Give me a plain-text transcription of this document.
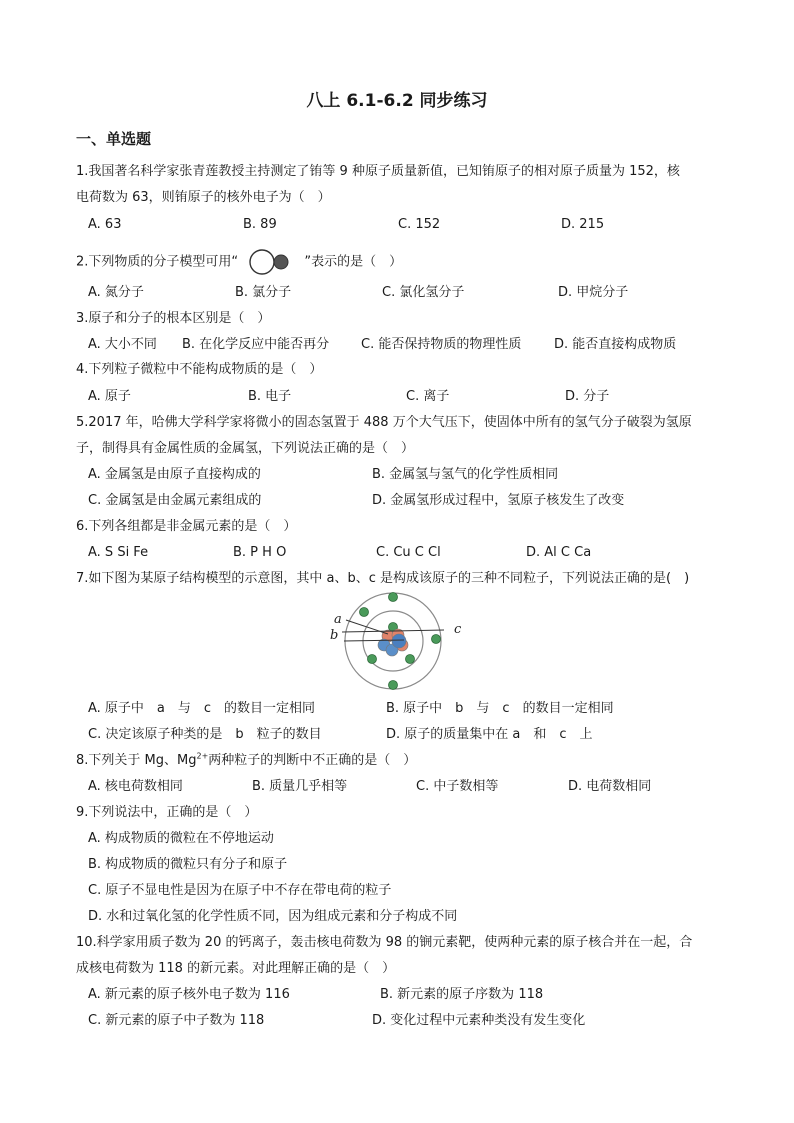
八上 6.1-6.2 同步练习
一、单选题
1.我国著名科学家张青莲教授主持测定了铕等 9 种原子质量新值，已知铕原子的相对原子质量为 152，核
电荷数为 63，则铕原子的核外电子为（　）
A. 63	B. 89	C. 152	D. 215
2.下列物质的分子模型可用“	”表示的是（　）
A. 氮分子	B. 氯分子	C. 氯化氢分子	D. 甲烷分子
3.原子和分子的根本区别是（　）
A. 大小不同 B. 在化学反应中能否再分 C. 能否保持物质的物理性质	D. 能否直接构成物质
4.下列粒子微粒中不能构成物质的是（　）
A. 原子	B. 电子	C. 离子	D. 分子
5.2017 年，哈佛大学科学家将微小的固态氢置于 488 万个大气压下，使固体中所有的氢气分子破裂为氢原
子，制得具有金属性质的金属氢，下列说法正确的是（　）
A. 金属氢是由原子直接构成的	B. 金属氢与氢气的化学性质相同
C. 金属氢是由金属元素组成的	D. 金属氢形成过程中，氢原子核发生了改变
6.下列各组都是非金属元素的是（　）
A. S Si Fe	B. P H O	C. Cu C Cl	D. Al C Ca
7.如下图为某原子结构模型的示意图，其中 a、b、c 是构成该原子的三种不同粒子，下列说法正确的是(　)
a
b	c
A. 原子中　a　与　c　的数目一定相同	B. 原子中　b　与　c　的数目一定相同
C. 决定该原子种类的是　b　粒子的数目	D. 原子的质量集中在 a　和　c　上
8.下列关于 Mg、$Mg^{2+}$两种粒子的判断中不正确的是（　）
A. 核电荷数相同	B. 质量几乎相等	C. 中子数相等	D. 电荷数相同
9.下列说法中，正确的是（　）
A. 构成物质的微粒在不停地运动
B. 构成物质的微粒只有分子和原子
C. 原子不显电性是因为在原子中不存在带电荷的粒子
D. 水和过氧化氢的化学性质不同，因为组成元素和分子构成不同
10.科学家用质子数为 20 的钙离子，轰击核电荷数为 98 的锎元素靶，使两种元素的原子核合并在一起，合
成核电荷数为 118 的新元素。对此理解正确的是（　）
A. 新元素的原子核外电子数为 116	B. 新元素的原子序数为 118
C. 新元素的原子中子数为 118	D. 变化过程中元素种类没有发生变化
